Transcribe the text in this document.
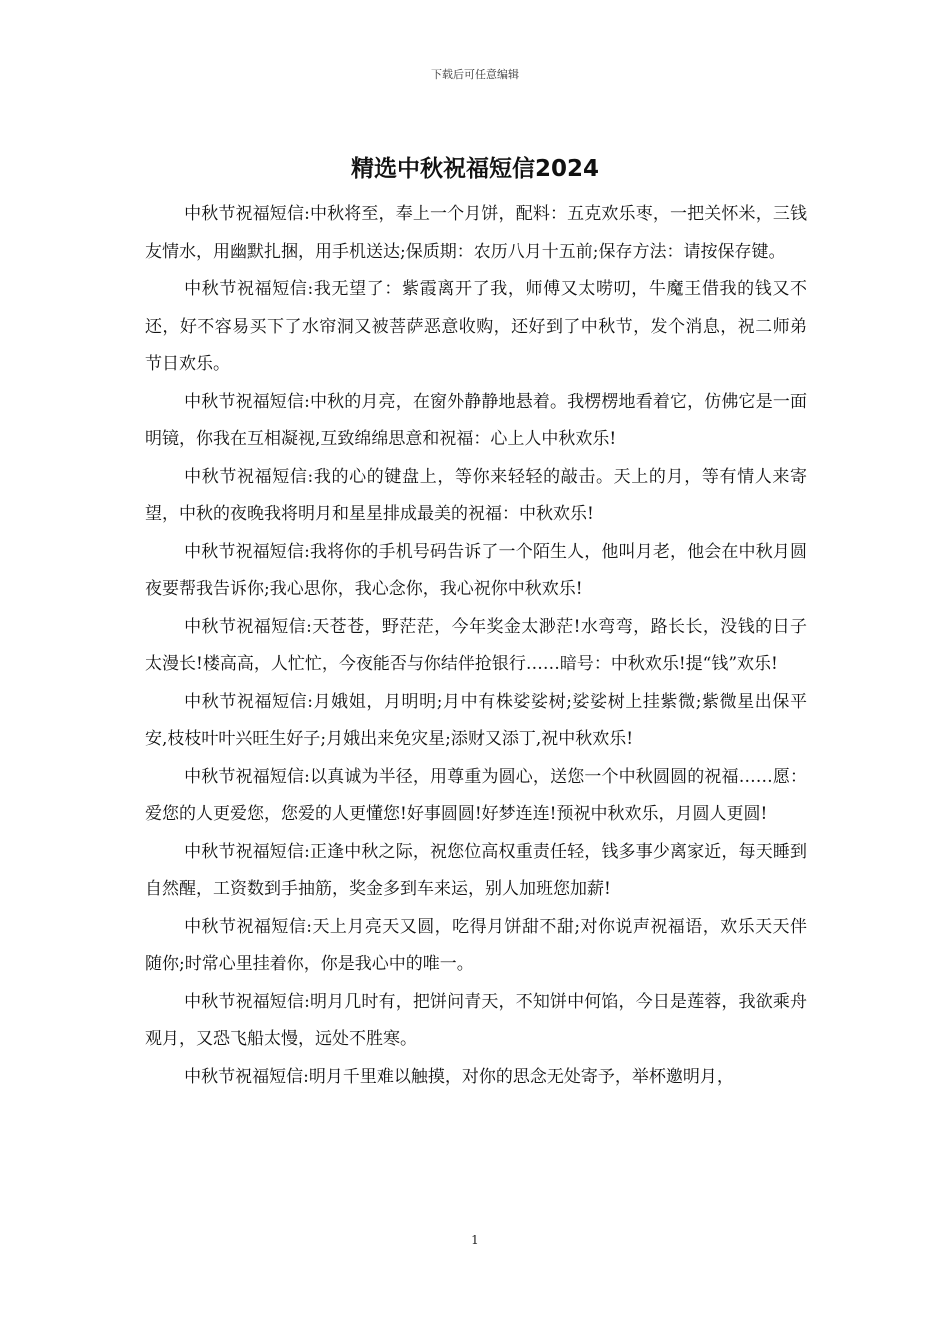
下载后可任意编辑
精选中秋祝福短信2024

中秋节祝福短信:中秋将至，奉上一个月饼，配料：五克欢乐枣，一把关怀米，三钱友情水，用幽默扎捆，用手机送达;保质期：农历八月十五前;保存方法：请按保存键。

中秋节祝福短信:我无望了：紫霞离开了我，师傅又太唠叨，牛魔王借我的钱又不还，好不容易买下了水帘洞又被菩萨恶意收购，还好到了中秋节，发个消息，祝二师弟节日欢乐。

中秋节祝福短信:中秋的月亮，在窗外静静地悬着。我楞楞地看着它，仿佛它是一面明镜，你我在互相凝视,互致绵绵思意和祝福：心上人中秋欢乐!

中秋节祝福短信:我的心的键盘上，等你来轻轻的敲击。天上的月，等有情人来寄望，中秋的夜晚我将明月和星星排成最美的祝福：中秋欢乐!

中秋节祝福短信:我将你的手机号码告诉了一个陌生人，他叫月老，他会在中秋月圆夜要帮我告诉你;我心思你，我心念你，我心祝你中秋欢乐!

中秋节祝福短信:天苍苍，野茫茫，今年奖金太渺茫!水弯弯，路长长，没钱的日子太漫长!楼高高，人忙忙，今夜能否与你结伴抢银行……暗号：中秋欢乐!提“钱”欢乐!

中秋节祝福短信:月娥姐，月明明;月中有株娑娑树;娑娑树上挂紫微;紫微星出保平安,枝枝叶叶兴旺生好子;月娥出来免灾星;添财又添丁,祝中秋欢乐!

中秋节祝福短信:以真诚为半径，用尊重为圆心，送您一个中秋圆圆的祝福……愿：爱您的人更爱您，您爱的人更懂您!好事圆圆!好梦连连!预祝中秋欢乐，月圆人更圆!

中秋节祝福短信:正逢中秋之际，祝您位高权重责任轻，钱多事少离家近，每天睡到自然醒，工资数到手抽筋，奖金多到车来运，别人加班您加薪!

中秋节祝福短信:天上月亮天又圆，吃得月饼甜不甜;对你说声祝福语，欢乐天天伴随你;时常心里挂着你，你是我心中的唯一。

中秋节祝福短信:明月几时有，把饼问青天，不知饼中何馅，今日是莲蓉，我欲乘舟观月，又恐飞船太慢，远处不胜寒。

中秋节祝福短信:明月千里难以触摸，对你的思念无处寄予，举杯邀明月，

1
